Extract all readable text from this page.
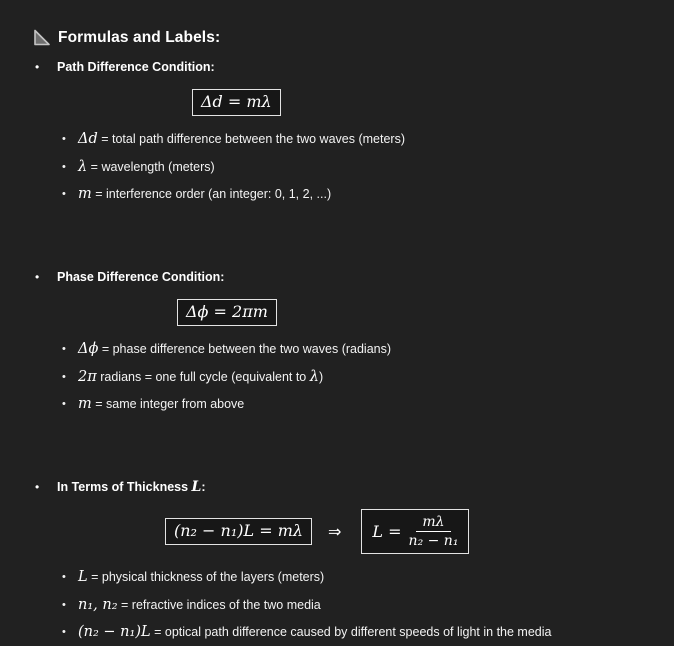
Formulas and Labels:
• Path Difference Condition:
Δd = mλ
• Δd = total path difference between the two waves (meters)
• λ = wavelength (meters)
• m = interference order (an integer: 0, 1, 2, ...)
• Phase Difference Condition:
Δϕ = 2πm
• Δϕ = phase difference between the two waves (radians)
• 2π radians = one full cycle (equivalent to λ)
• m = same integer from above
• In Terms of Thickness L:
(n₂ − n₁)L = mλ	⇒ $L = \frac{m\lambda}{\text{n₂ − n₁}}$
• L = physical thickness of the layers (meters)
• n₁, n₂ = refractive indices of the two media
• (n₂ − n₁)L = optical path difference caused by different speeds of light in the media
